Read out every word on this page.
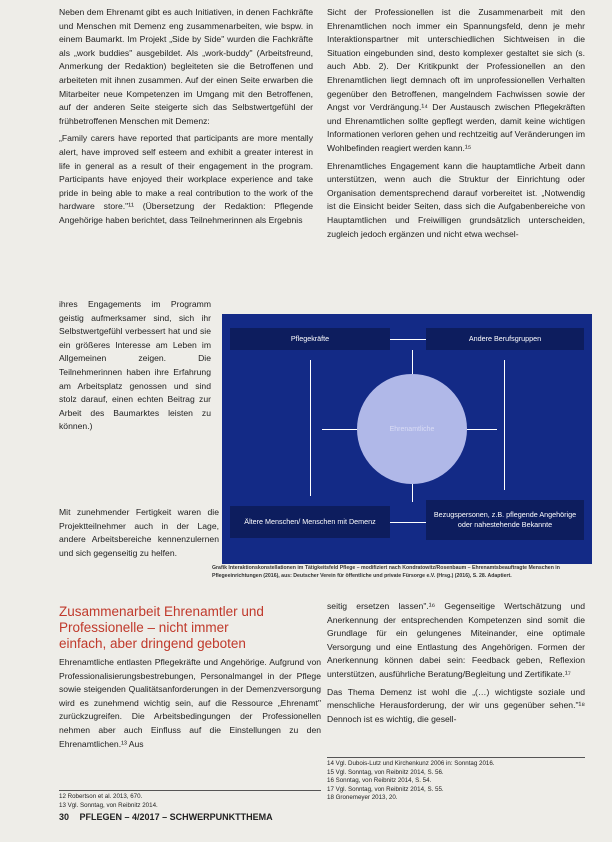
Neben dem Ehrenamt gibt es auch Initiativen, in denen Fachkräfte und Menschen mit Demenz eng zusammenarbeiten, wie bspw. in einem Baumarkt. Im Projekt „Side by Side" wurden die Fachkräfte als „work buddies" ausgebildet. Als „work-buddy" (Arbeitsfreund, Anmerkung der Redaktion) begleiteten sie die Betroffenen und arbeiteten mit ihnen zusammen. Auf der einen Seite erwarben die Mitarbeiter neue Kompetenzen im Umgang mit den Betroffenen, auf der anderen Seite steigerte sich das Selbstwertgefühl der frühbetroffenen Menschen mit Demenz:

„Family carers have reported that participants are more mentally alert, have improved self esteem and exhibit a greater interest in life in general as a result of their engagement in the program. Participants have enjoyed their workplace experience and take pride in being able to make a real contribution to the work of the hardware store."¹¹ (Übersetzung der Redaktion: Pflegende Angehörige haben berichtet, dass Teilnehmerinnen als Ergebnis

ihres Engagements im Programm geistig aufmerksamer sind, sich ihr Selbstwertgefühl verbessert hat und sie ein größeres Interesse am Leben im Allgemeinen zeigen. Die Teilnehmerinnen haben ihre Erfahrung am Arbeitsplatz genossen und sind stolz darauf, einen echten Beitrag zur Arbeit des Baumarktes leisten zu können.)

Mit zunehmender Fertigkeit waren die Projektteilnehmer auch in der Lage, andere Arbeitsbereiche kennenzulernen und sich gegenseitig zu helfen.

Sicht der Professionellen ist die Zusammenarbeit mit den Ehrenamtlichen noch immer ein Spannungsfeld, denn je mehr Interaktionspartner mit unterschiedlichen Sichtweisen in die Situation eingebunden sind, desto komplexer gestaltet sie sich (s. auch Abb. 2). Der Kritikpunkt der Professionellen an den Ehrenamtlichen liegt demnach oft im unprofessionellen Verhalten gegenüber den Betroffenen, mangelndem Fachwissen sowie der Angst vor Verdrängung.¹⁴ Der Austausch zwischen Pflegekräften und Ehrenamtlichen sollte gepflegt werden, damit keine wichtigen Informationen verloren gehen und rechtzeitig auf Veränderungen im Wohlbefinden reagiert werden kann.¹⁵

Ehrenamtliches Engagement kann die hauptamtliche Arbeit dann unterstützen, wenn auch die Struktur der Einrichtung oder Organisation dementsprechend darauf vorbereitet ist. „Notwendig ist die Einsicht beider Seiten, dass sich die Aufgabenbereiche von Hauptamtlichen und Freiwilligen grundsätzlich unterscheiden, zugleich jedoch ergänzen und nicht etwa wechsel-

Pflegekräfte	Andere Berufsgruppen
Ältere Menschen/ Menschen mit Demenz
Bezugspersonen, z.B. pflegende Angehörige oder nahestehende Bekannte
Ehrenamtliche
Grafik Interaktionskonstellationen im Tätigkeitsfeld Pflege – modifiziert nach Kondratowitz/Rosenbaum – Ehrenamtsbeauftragte Menschen in Pflegeeinrichtungen (2016), aus: Deutscher Verein für öffentliche und private Fürsorge e.V. (Hrsg.) (2016), S. 28. Adaptiert.
Zusammenarbeit Ehrenamtler und
Professionelle – nicht immer
einfach, aber dringend geboten

Ehrenamtliche entlasten Pflegekräfte und Angehörige. Aufgrund von Professionalisierungsbestrebungen, Personalmangel in der Pflege sowie steigenden Qualitätsanforderungen in der Demenzversorgung wird es zunehmend wichtig sein, auf die Ressource „Ehrenamt" zurückzugreifen. Die Arbeitsbedingungen der Professionellen nehmen aber auch Einfluss auf die Einstellungen zu den Ehrenamtlichen.¹³ Aus

seitig ersetzen lassen".¹⁶ Gegenseitige Wertschätzung und Anerkennung der entsprechenden Kompetenzen sind somit die Grundlage für ein gelungenes Miteinander, eine optimale Versorgung und eine Entlastung des Angehörigen. Formen der Anerkennung können dabei sein: Feedback geben, Reflexion unterstützen, ausführliche Beratung/Begleitung und Zertifikate.¹⁷

Das Thema Demenz ist wohl die „(…) wichtigste soziale und menschliche Herausforderung, der wir uns gegenüber sehen."¹⁸ Dennoch ist es wichtig, die gesell-

12 Robertson et al. 2013, 670.
13 Vgl. Sonntag, von Reibnitz 2014.
14 Vgl. Dubois-Lutz und Kirchenkunz 2006 in: Sonntag 2016.
15 Vgl. Sonntag, von Reibnitz 2014, S. 56.
16 Sonntag, von Reibnitz 2014, S. 54.
17 Vgl. Sonntag, von Reibnitz 2014, S. 55.
18 Gronemeyer 2013, 20.
30 PFLEGEN – 4/2017 – SCHWERPUNKTTHEMA
